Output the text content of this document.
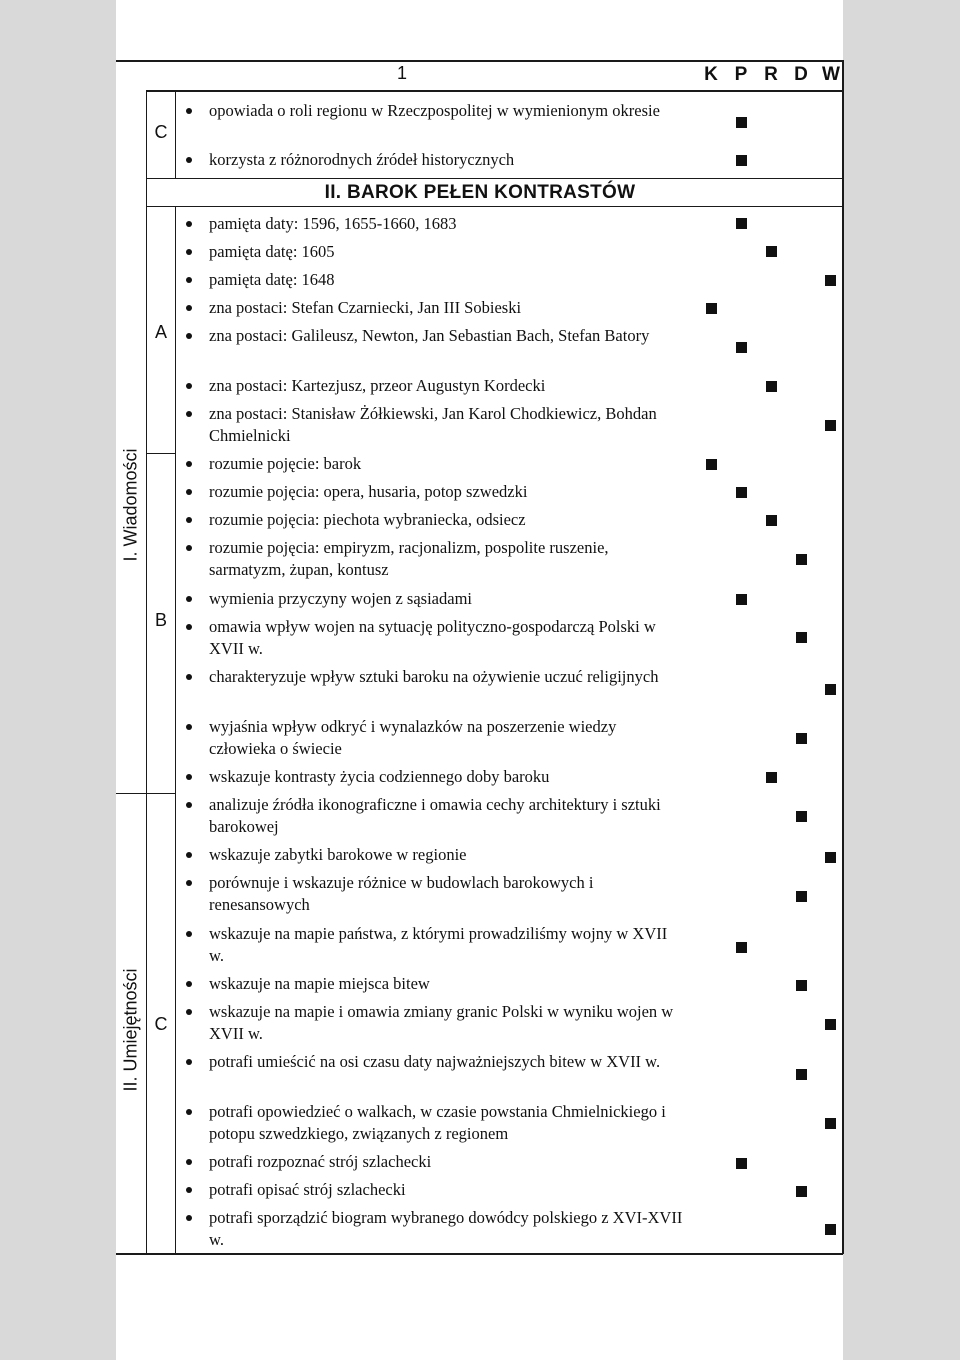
1	K P R D W
II. BAROK PEŁEN KONTRASTÓW
C
A
B
C
I. Wiadomości
II. Umiejętności
opowiada o roli regionu w Rzeczpospolitej w wymienionym okresie
korzysta z różnorodnych źródeł historycznych
pamięta daty: 1596, 1655-1660, 1683
pamięta datę: 1605
pamięta datę: 1648
zna postaci: Stefan Czarniecki, Jan III Sobieski
zna postaci: Galileusz, Newton, Jan Sebastian Bach, Stefan Batory
zna postaci: Kartezjusz, przeor Augustyn Kordecki
zna postaci: Stanisław Żółkiewski, Jan Karol Chodkiewicz, Bohdan Chmielnicki
rozumie pojęcie: barok
rozumie pojęcia: opera, husaria, potop szwedzki
rozumie pojęcia: piechota wybraniecka, odsiecz
rozumie pojęcia: empiryzm, racjonalizm, pospolite ruszenie, sarmatyzm, żupan, kontusz
wymienia przyczyny wojen z sąsiadami
omawia wpływ wojen na sytuację polityczno-gospodarczą Polski w XVII w.
charakteryzuje wpływ sztuki baroku na ożywienie uczuć religijnych
wyjaśnia wpływ odkryć i wynalazków na poszerzenie wiedzy człowieka o świecie
wskazuje kontrasty życia codziennego doby baroku
analizuje źródła ikonograficzne i omawia cechy architektury i sztuki barokowej
wskazuje zabytki barokowe w regionie
porównuje i wskazuje różnice w budowlach barokowych i renesansowych
wskazuje na mapie państwa, z którymi prowadziliśmy wojny w XVII w.
wskazuje na mapie miejsca bitew
wskazuje na mapie i omawia zmiany granic Polski w wyniku wojen w XVII w.
potrafi umieścić na osi czasu daty najważniejszych bitew w XVII w.
potrafi opowiedzieć o walkach, w czasie powstania Chmielnickiego i potopu szwedzkiego, związanych z regionem
potrafi rozpoznać strój szlachecki
potrafi opisać strój szlachecki
potrafi sporządzić biogram wybranego dowódcy polskiego z XVI-XVII w.
